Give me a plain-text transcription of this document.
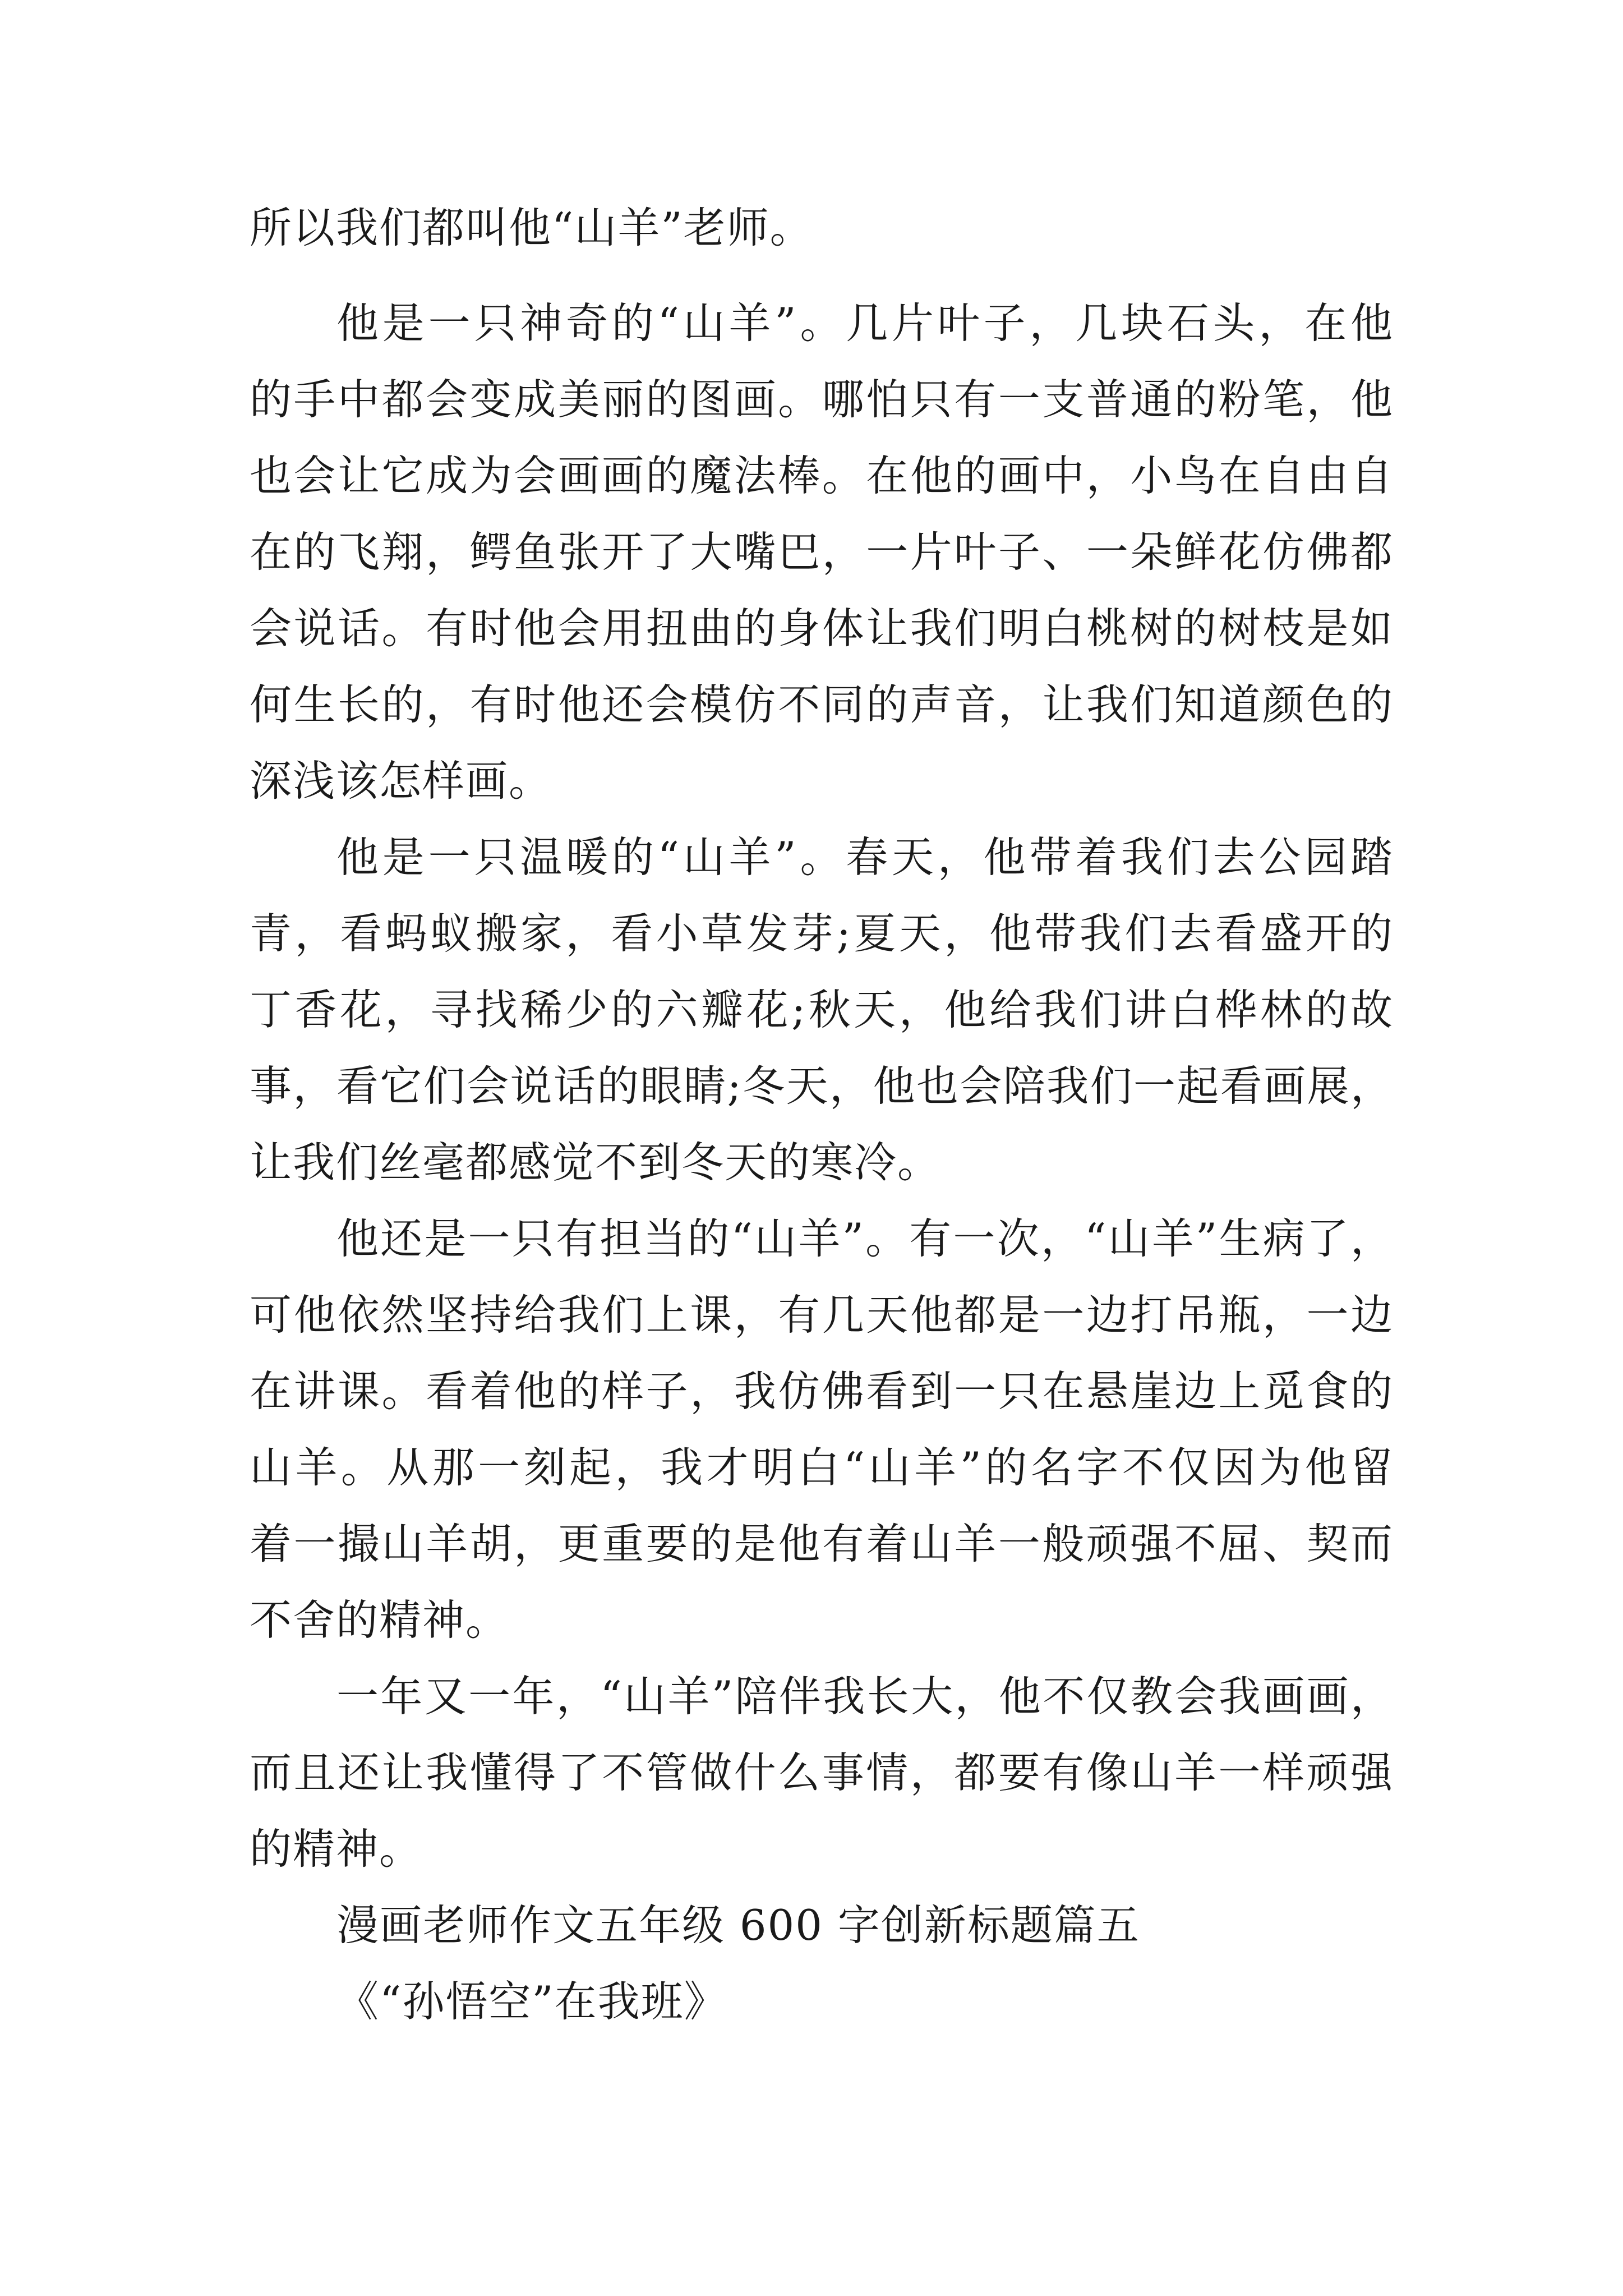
所以我们都叫他“山羊”老师。
他是一只神奇的“山羊”。几片叶子，几块石头，在他
的手中都会变成美丽的图画。哪怕只有一支普通的粉笔，他
也会让它成为会画画的魔法棒。在他的画中，小鸟在自由自
在的飞翔，鳄鱼张开了大嘴巴，一片叶子、一朵鲜花仿佛都
会说话。有时他会用扭曲的身体让我们明白桃树的树枝是如
何生长的，有时他还会模仿不同的声音，让我们知道颜色的
深浅该怎样画。
他是一只温暖的“山羊”。春天，他带着我们去公园踏
青，看蚂蚁搬家，看小草发芽;夏天，他带我们去看盛开的
丁香花，寻找稀少的六瓣花;秋天，他给我们讲白桦林的故
事，看它们会说话的眼睛;冬天，他也会陪我们一起看画展，
让我们丝毫都感觉不到冬天的寒冷。
他还是一只有担当的“山羊”。有一次，“山羊”生病了，
可他依然坚持给我们上课，有几天他都是一边打吊瓶，一边
在讲课。看着他的样子，我仿佛看到一只在悬崖边上觅食的
山羊。从那一刻起，我才明白“山羊”的名字不仅因为他留
着一撮山羊胡，更重要的是他有着山羊一般顽强不屈、契而
不舍的精神。
一年又一年，“山羊”陪伴我长大，他不仅教会我画画，
而且还让我懂得了不管做什么事情，都要有像山羊一样顽强
的精神。
漫画老师作文五年级 600 字创新标题篇五
《“孙悟空”在我班》
